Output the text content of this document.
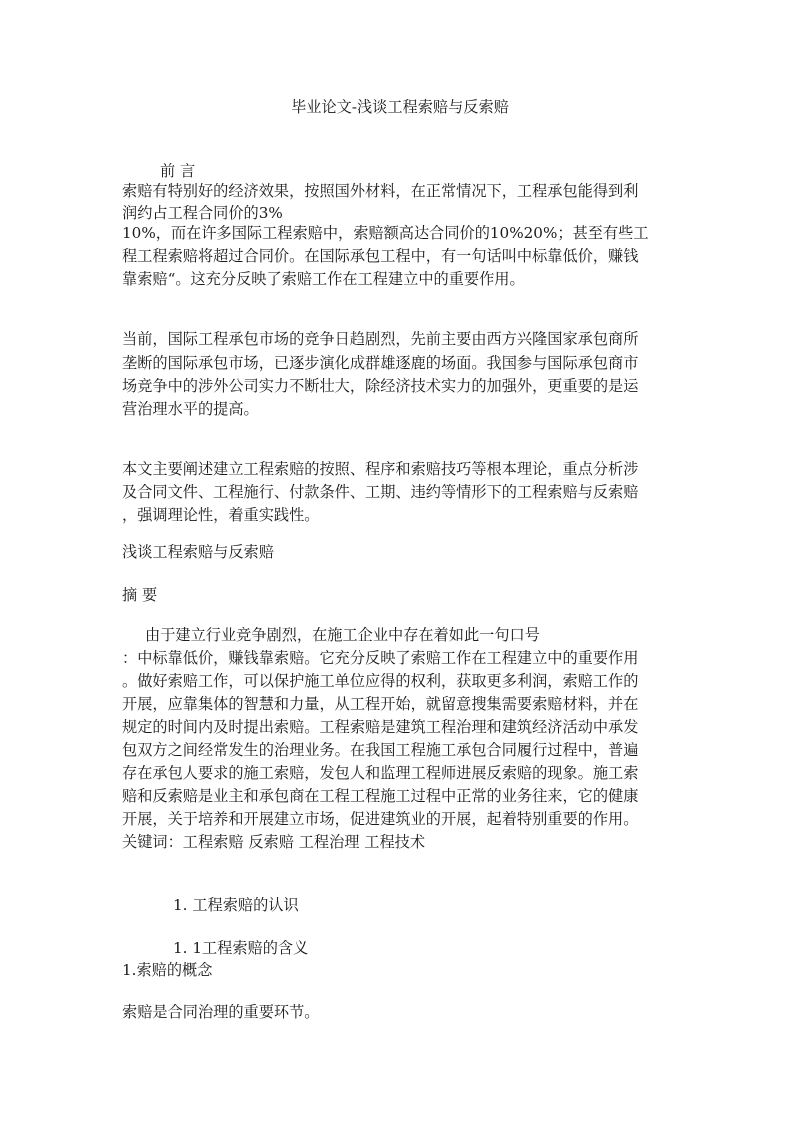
毕业论文-浅谈工程索赔与反索赔
前 言
索赔有特别好的经济效果，按照国外材料，在正常情况下，工程承包能得到利
润约占工程合同价的3%
10%，而在许多国际工程索赔中，索赔额高达合同价的10%20%；甚至有些工
程工程索赔将超过合同价。在国际承包工程中，有一句话叫中标靠低价，赚钱
靠索赔“。这充分反映了索赔工作在工程建立中的重要作用。
当前，国际工程承包市场的竞争日趋剧烈，先前主要由西方兴隆国家承包商所
垄断的国际承包市场，已逐步演化成群雄逐鹿的场面。我国参与国际承包商市
场竞争中的涉外公司实力不断壮大，除经济技术实力的加强外，更重要的是运
营治理水平的提高。
本文主要阐述建立工程索赔的按照、程序和索赔技巧等根本理论，重点分析涉
及合同文件、工程施行、付款条件、工期、违约等情形下的工程索赔与反索赔
，强调理论性，着重实践性。
浅谈工程索赔与反索赔
摘 要
由于建立行业竞争剧烈，在施工企业中存在着如此一句口号
：中标靠低价，赚钱靠索赔。它充分反映了索赔工作在工程建立中的重要作用
。做好索赔工作，可以保护施工单位应得的权利，获取更多利润，索赔工作的
开展，应靠集体的智慧和力量，从工程开始，就留意搜集需要索赔材料，并在
规定的时间内及时提出索赔。工程索赔是建筑工程治理和建筑经济活动中承发
包双方之间经常发生的治理业务。在我国工程施工承包合同履行过程中，普遍
存在承包人要求的施工索赔，发包人和监理工程师进展反索赔的现象。施工索
赔和反索赔是业主和承包商在工程工程施工过程中正常的业务往来，它的健康
开展，关于培养和开展建立市场，促进建筑业的开展，起着特别重要的作用。
关键词：工程索赔 反索赔 工程治理 工程技术
1. 工程索赔的认识
1. 1工程索赔的含义
1.索赔的概念
索赔是合同治理的重要环节。
